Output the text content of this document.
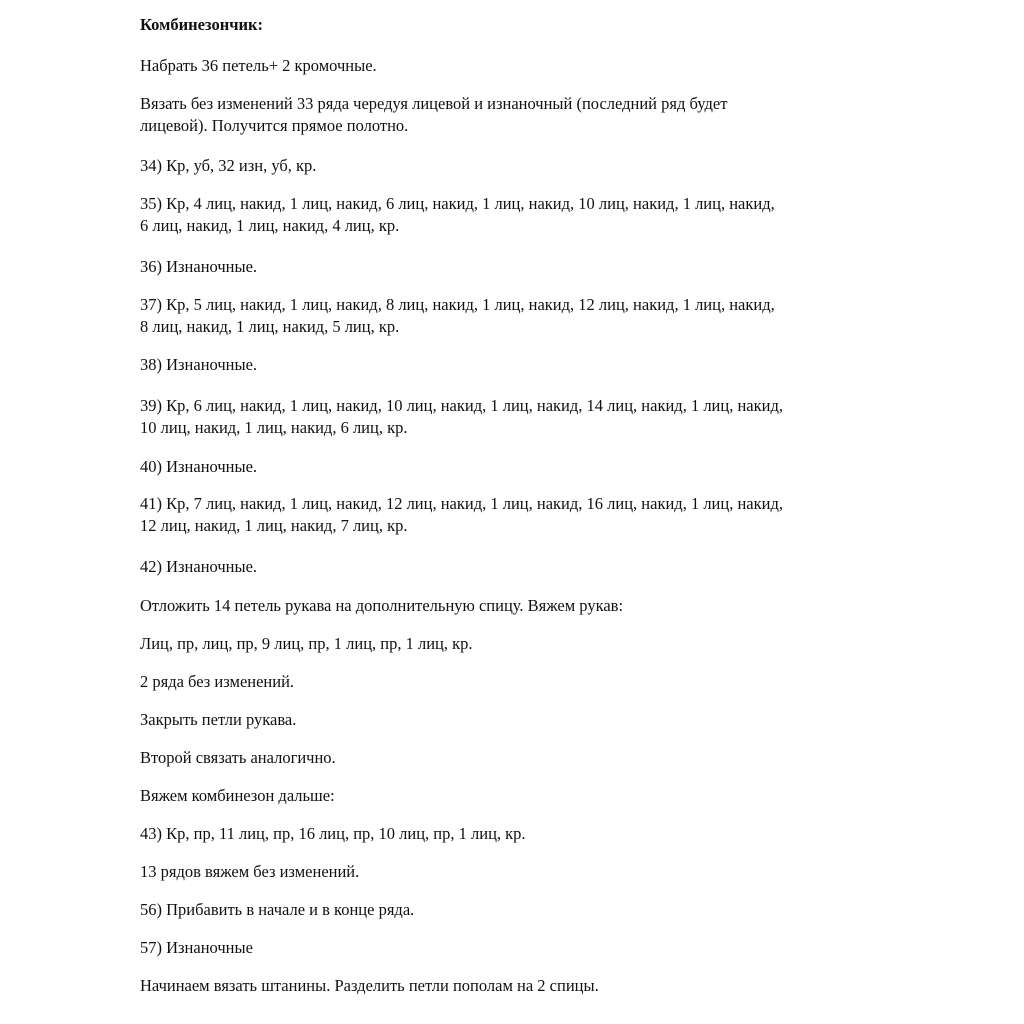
Комбинезончик:

Набрать 36 петель+ 2 кромочные.

Вязать без изменений 33 ряда чередуя лицевой и изнаночный (последний ряд будет
лицевой). Получится прямое полотно.

34) Кр, уб, 32 изн, уб, кр.

35) Кр, 4 лиц, накид, 1 лиц, накид, 6 лиц, накид, 1 лиц, накид, 10 лиц, накид, 1 лиц, накид,
6 лиц, накид, 1 лиц, накид, 4 лиц, кр.

36) Изнаночные.

37) Кр, 5 лиц, накид, 1 лиц, накид, 8 лиц, накид, 1 лиц, накид, 12 лиц, накид, 1 лиц, накид,
8 лиц, накид, 1 лиц, накид, 5 лиц, кр.

38) Изнаночные.

39) Кр, 6 лиц, накид, 1 лиц, накид, 10 лиц, накид, 1 лиц, накид, 14 лиц, накид, 1 лиц, накид,
10 лиц, накид, 1 лиц, накид, 6 лиц, кр.

40) Изнаночные.

41) Кр, 7 лиц, накид, 1 лиц, накид, 12 лиц, накид, 1 лиц, накид, 16 лиц, накид, 1 лиц, накид,
12 лиц, накид, 1 лиц, накид, 7 лиц, кр.

42) Изнаночные.

Отложить 14 петель рукава на дополнительную спицу. Вяжем рукав:

Лиц, пр, лиц, пр, 9 лиц, пр, 1 лиц, пр, 1 лиц, кр.

2 ряда без изменений.

Закрыть петли рукава.

Второй связать аналогично.

Вяжем комбинезон дальше:

43) Кр, пр, 11 лиц, пр, 16 лиц, пр, 10 лиц, пр, 1 лиц, кр.

13 рядов вяжем без изменений.

56) Прибавить в начале и в конце ряда.

57) Изнаночные

Начинаем вязать штанины. Разделить петли пополам на 2 спицы.
